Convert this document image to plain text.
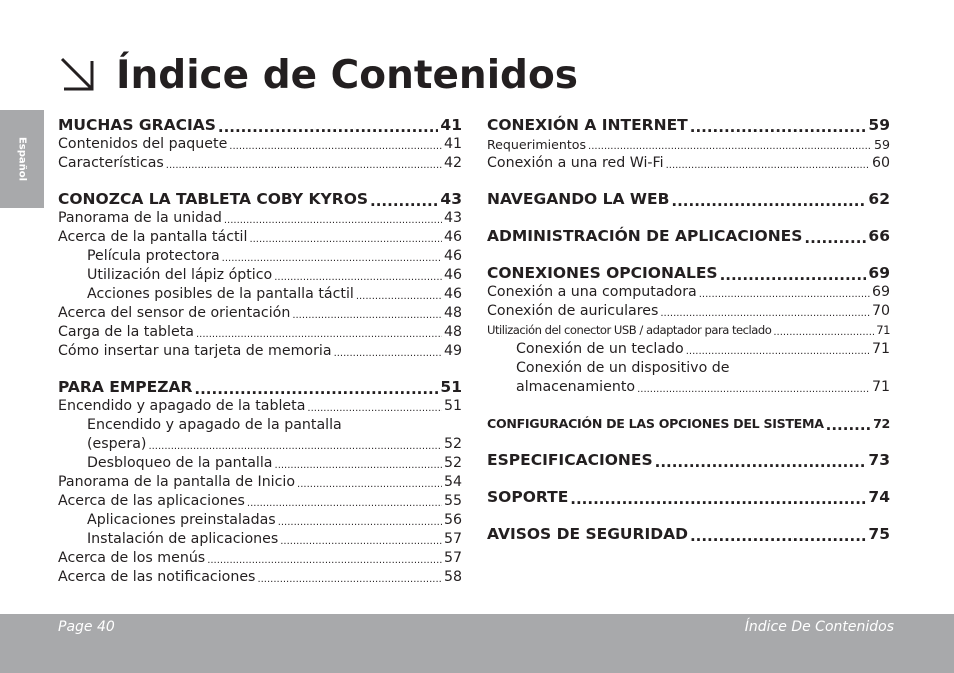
Español
Índice de Contenidos
MUCHAS GRACIAS .....	41
Contenidos del paquete .....	41
Características .....	42
CONOZCA LA TABLETA COBY KYROS .....	43
Panorama de la unidad .....	43
Acerca de la pantalla táctil .....	46
Película protectora .....	46
Utilización del lápiz óptico .....	46
Acciones posibles de la pantalla táctil .....	46
Acerca del sensor de orientación .....	48
Carga de la tableta .....	48
Cómo insertar una tarjeta de memoria .....	49
PARA EMPEZAR .....	51
Encendido y apagado de la tableta .....	51
Encendido y apagado de la pantalla
(espera) .....	52
Desbloqueo de la pantalla .....	52
Panorama de la pantalla de Inicio .....	54
Acerca de las aplicaciones .....	55
Aplicaciones preinstaladas .....	56
Instalación de aplicaciones .....	57
Acerca de los menús .....	57
Acerca de las notificaciones .....	58
CONEXIÓN A INTERNET .....	59
Requerimientos .....	59
Conexión a una red Wi-Fi .....	60
NAVEGANDO LA WEB .....	62
ADMINISTRACIÓN DE APLICACIONES .....	66
CONEXIONES OPCIONALES .....	69
Conexión a una computadora .....	69
Conexión de auriculares .....	70
Utilización del conector USB / adaptador para teclado .....	71
Conexión de un teclado .....	71
Conexión de un dispositivo de
almacenamiento .....	71
CONFIGURACIÓN DE LAS OPCIONES DEL SISTEMA .....	72
ESPECIFICACIONES .....	73
SOPORTE .....	74
AVISOS DE SEGURIDAD .....	75
Page 40	Índice De Contenidos
